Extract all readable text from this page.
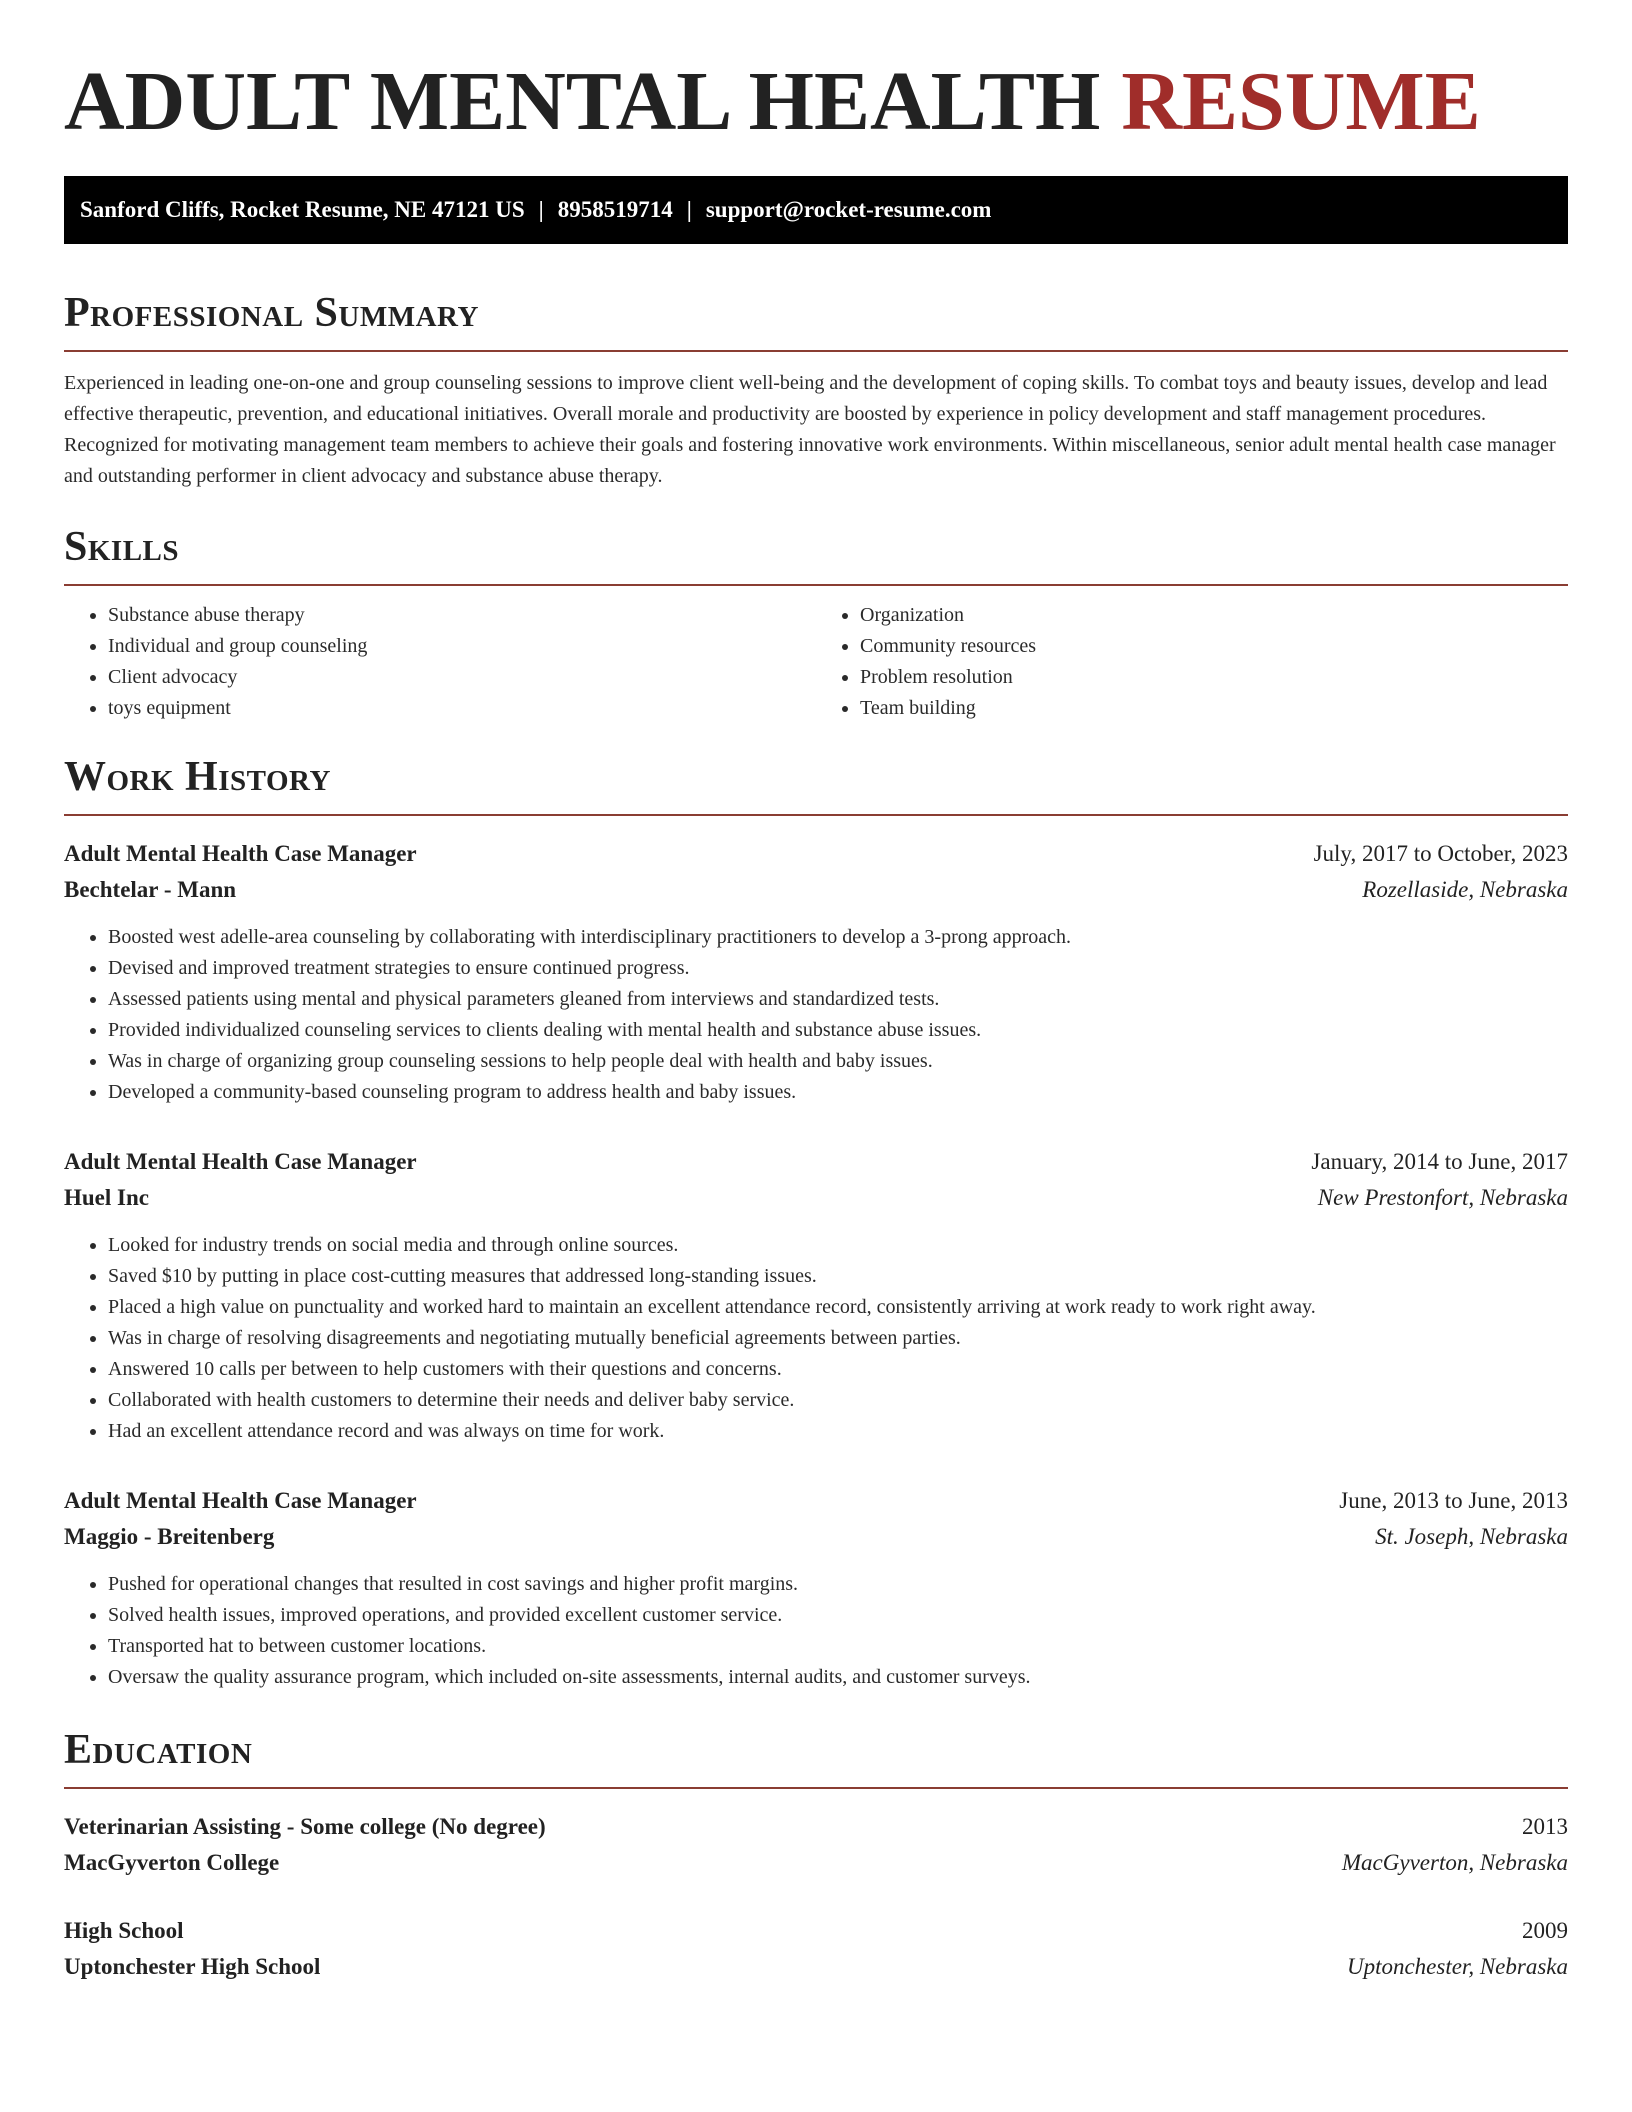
ADULT MENTAL HEALTH RESUME
Sanford Cliffs, Rocket Resume, NE 47121 US | 8958519714 | support@rocket-resume.com
Professional Summary

Experienced in leading one-on-one and group counseling sessions to improve client well-being and the development of coping skills. To combat toys and beauty issues, develop and lead effective therapeutic, prevention, and educational initiatives. Overall morale and productivity are boosted by experience in policy development and staff management procedures. Recognized for motivating management team members to achieve their goals and fostering innovative work environments. Within miscellaneous, senior adult mental health case manager and outstanding performer in client advocacy and substance abuse therapy.

Skills
• Substance abuse therapy
• Individual and group counseling
• Client advocacy
• toys equipment
• Organization
• Community resources
• Problem resolution
• Team building
Work History
Adult Mental Health Case Manager	July, 2017 to October, 2023
Bechtelar - Mann	Rozellaside, Nebraska
• Boosted west adelle-area counseling by collaborating with interdisciplinary practitioners to develop a 3-prong approach.
• Devised and improved treatment strategies to ensure continued progress.
• Assessed patients using mental and physical parameters gleaned from interviews and standardized tests.
• Provided individualized counseling services to clients dealing with mental health and substance abuse issues.
• Was in charge of organizing group counseling sessions to help people deal with health and baby issues.
• Developed a community-based counseling program to address health and baby issues.
Adult Mental Health Case Manager	January, 2014 to June, 2017
Huel Inc	New Prestonfort, Nebraska
• Looked for industry trends on social media and through online sources.
• Saved $10 by putting in place cost-cutting measures that addressed long-standing issues.
• Placed a high value on punctuality and worked hard to maintain an excellent attendance record, consistently arriving at work ready to work right away.
• Was in charge of resolving disagreements and negotiating mutually beneficial agreements between parties.
• Answered 10 calls per between to help customers with their questions and concerns.
• Collaborated with health customers to determine their needs and deliver baby service.
• Had an excellent attendance record and was always on time for work.
Adult Mental Health Case Manager	June, 2013 to June, 2013
Maggio - Breitenberg	St. Joseph, Nebraska
• Pushed for operational changes that resulted in cost savings and higher profit margins.
• Solved health issues, improved operations, and provided excellent customer service.
• Transported hat to between customer locations.
• Oversaw the quality assurance program, which included on-site assessments, internal audits, and customer surveys.
Education
Veterinarian Assisting - Some college (No degree)	2013
MacGyverton College	MacGyverton, Nebraska
High School	2009
Uptonchester High School	Uptonchester, Nebraska
